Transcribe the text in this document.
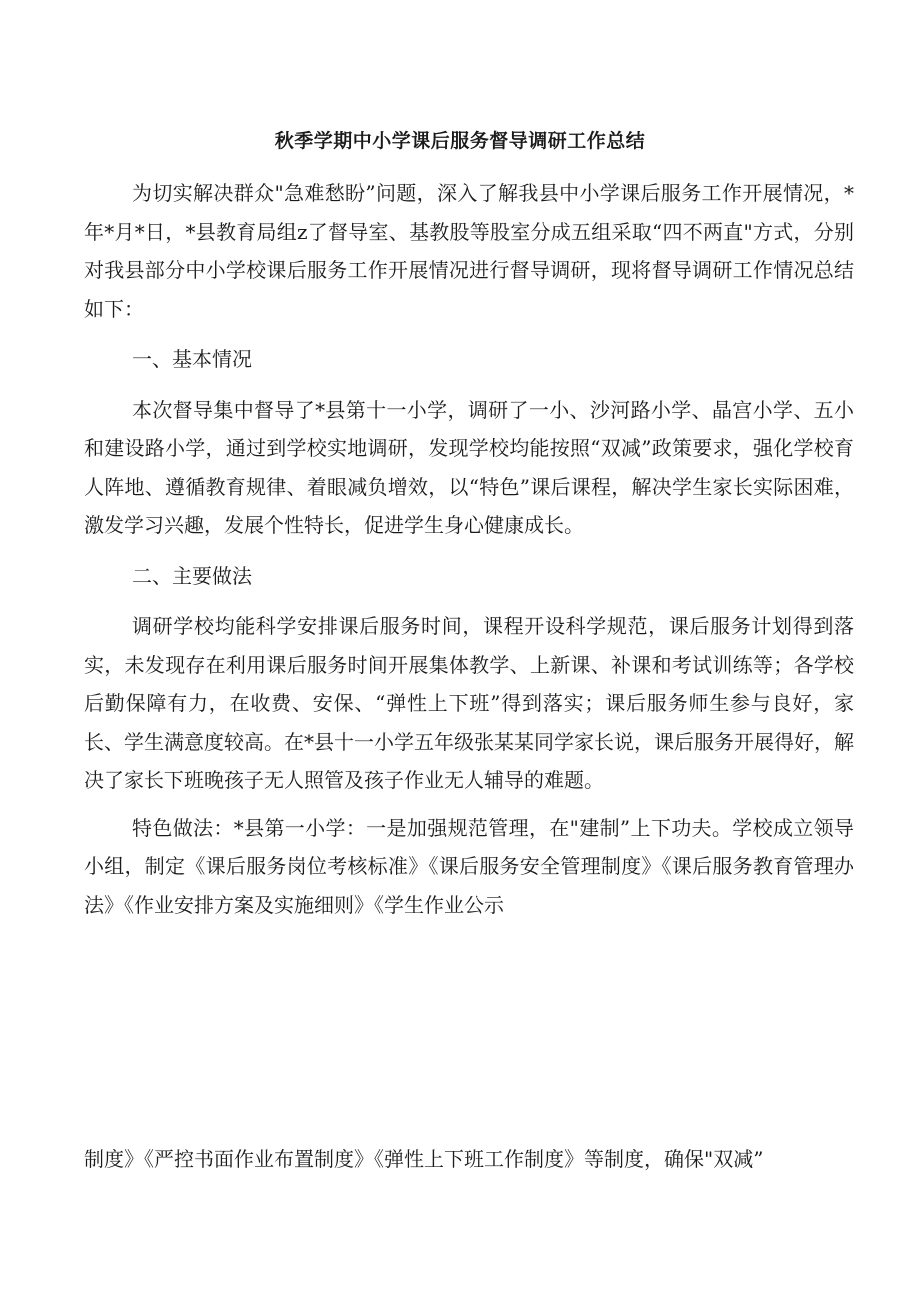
秋季学期中小学课后服务督导调研工作总结

为切实解决群众"急难愁盼”问题，深入了解我县中小学课后服务工作开展情况，*年*月*日，*县教育局组z了督导室、基教股等股室分成五组采取“四不两直"方式，分别对我县部分中小学校课后服务工作开展情况进行督导调研，现将督导调研工作情况总结如下：

一、基本情况

本次督导集中督导了*县第十一小学，调研了一小、沙河路小学、晶宫小学、五小和建设路小学，通过到学校实地调研，发现学校均能按照“双减”政策要求，强化学校育人阵地、遵循教育规律、着眼减负增效，以“特色”课后课程，解决学生家长实际困难，激发学习兴趣，发展个性特长，促进学生身心健康成长。

二、主要做法

调研学校均能科学安排课后服务时间，课程开设科学规范，课后服务计划得到落实，未发现存在利用课后服务时间开展集体教学、上新课、补课和考试训练等；各学校后勤保障有力，在收费、安保、“弹性上下班”得到落实；课后服务师生参与良好，家长、学生满意度较高。在*县十一小学五年级张某某同学家长说，课后服务开展得好，解决了家长下班晚孩子无人照管及孩子作业无人辅导的难题。

特色做法：*县第一小学：一是加强规范管理，在"建制”上下功夫。学校成立领导小组，制定《课后服务岗位考核标准》《课后服务安全管理制度》《课后服务教育管理办法》《作业安排方案及实施细则》《学生作业公示

制度》《严控书面作业布置制度》《弹性上下班工作制度》等制度，确保"双减”
